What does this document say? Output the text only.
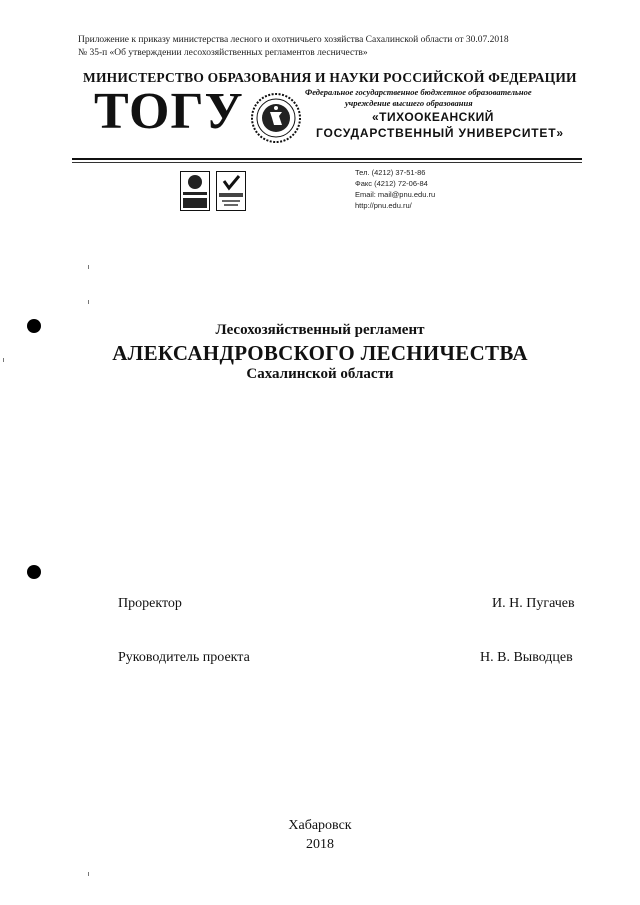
Приложение к приказу министерства лесного и охотничьего хозяйства Сахалинской области от 30.07.2018
№ 35-п «Об утверждении лесохозяйственных регламентов лесничеств»
МИНИСТЕРСТВО ОБРАЗОВАНИЯ И НАУКИ РОССИЙСКОЙ ФЕДЕРАЦИИ
ТОГУ	Федеральное государственное бюджетное образовательное
учреждение высшего образования
«ТИХООКЕАНСКИЙ
ГОСУДАРСТВЕННЫЙ УНИВЕРСИТЕТ»
Тел. (4212) 37-51-86
Факс (4212) 72-06-84
Email: mail@pnu.edu.ru
http://pnu.edu.ru/
Лесохозяйственный регламент
АЛЕКСАНДРОВСКОГО ЛЕСНИЧЕСТВА
Сахалинской области
Проректор	И. Н. Пугачев
Руководитель проекта	Н. В. Выводцев
Хабаровск
2018
